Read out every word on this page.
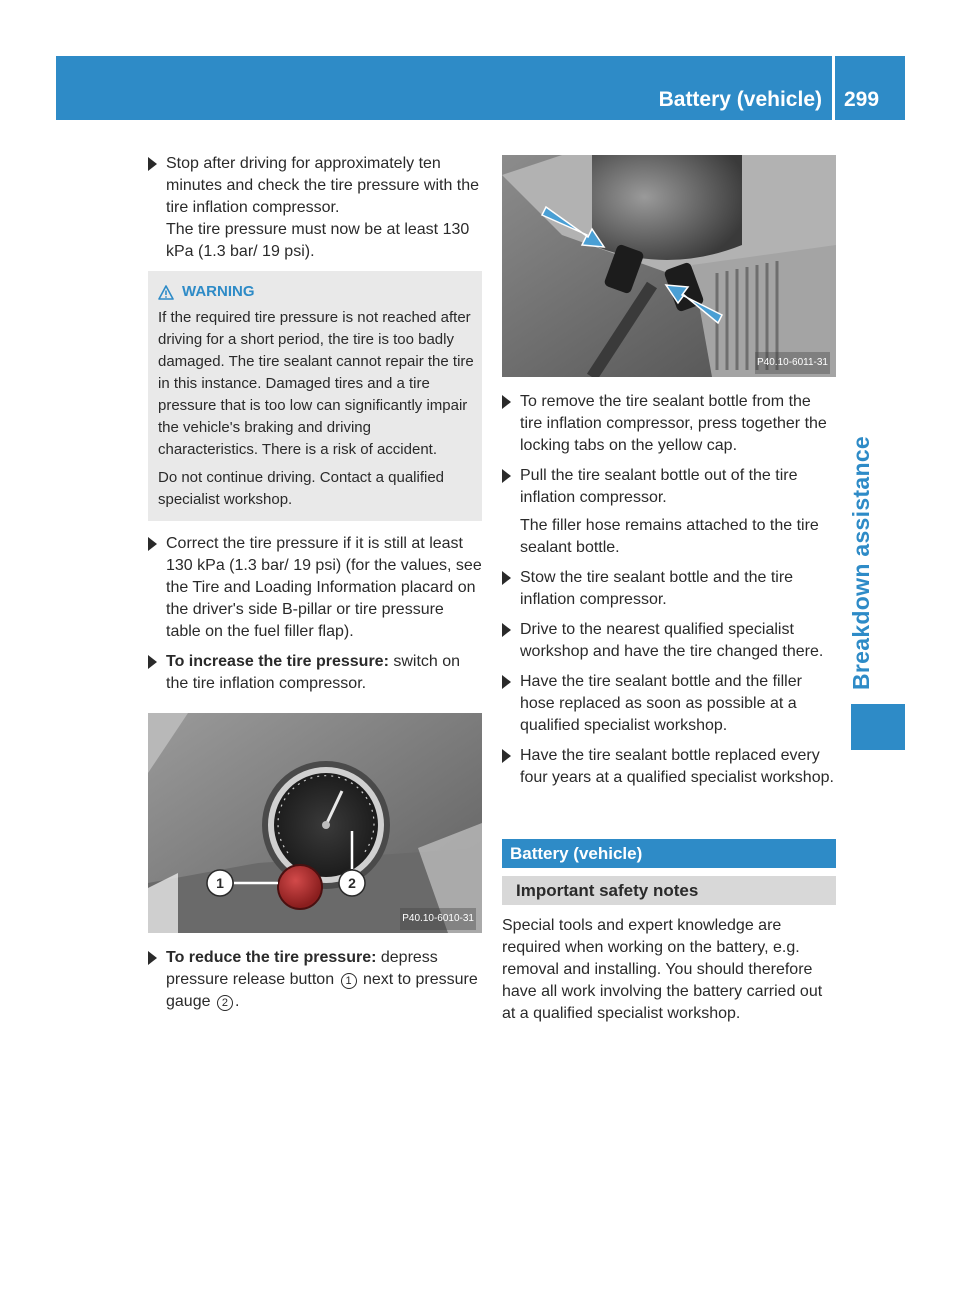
Battery (vehicle) 299
Breakdown assistance

Stop after driving for approximately ten minutes and check the tire pressure with the tire inflation compressor.

The tire pressure must now be at least 130 kPa (1.3 bar/ 19 psi).

WARNING

If the required tire pressure is not reached after driving for a short period, the tire is too badly damaged. The tire sealant cannot repair the tire in this instance. Damaged tires and a tire pressure that is too low can significantly impair the vehicle's braking and driving characteristics. There is a risk of accident.

Do not continue driving. Contact a qualified specialist workshop.

Correct the tire pressure if it is still at least 130 kPa (1.3 bar/ 19 psi) (for the values, see the Tire and Loading Information placard on the driver's side B-pillar or tire pressure table on the fuel filler flap).

To increase the tire pressure: switch on the tire inflation compressor.

1	2
P40.10-6010-31

To reduce the tire pressure: depress pressure release button 1 next to pressure gauge 2 .

P40.10-6011-31

To remove the tire sealant bottle from the tire inflation compressor, press together the locking tabs on the yellow cap.

Pull the tire sealant bottle out of the tire inflation compressor.

The filler hose remains attached to the tire sealant bottle.

Stow the tire sealant bottle and the tire inflation compressor.

Drive to the nearest qualified specialist workshop and have the tire changed there.

Have the tire sealant bottle and the filler hose replaced as soon as possible at a qualified specialist workshop.

Have the tire sealant bottle replaced every four years at a qualified specialist workshop.

Battery (vehicle)
Important safety notes

Special tools and expert knowledge are required when working on the battery, e.g. removal and installing. You should therefore have all work involving the battery carried out at a qualified specialist workshop.
